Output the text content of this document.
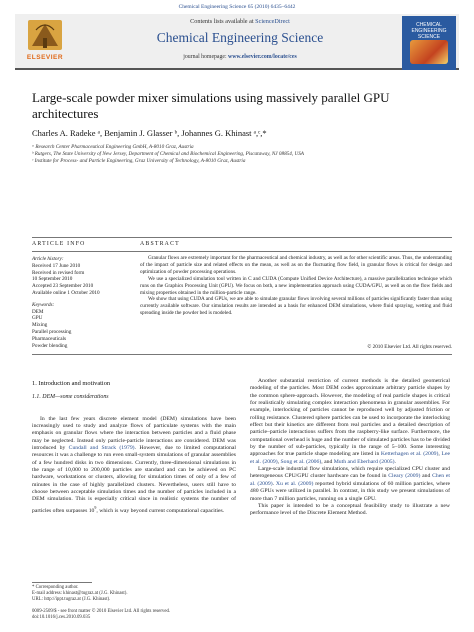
Chemical Engineering Science 65 (2010) 6435–6442
ELSEVIER
Contents lists available at ScienceDirect
Chemical Engineering Science
journal homepage: www.elsevier.com/locate/ces
CHEMICAL ENGINEERING SCIENCE
Large-scale powder mixer simulations using massively parallel GPU architectures
Charles A. Radeke ᵃ, Benjamin J. Glasser ᵇ, Johannes G. Khinast ᵃ,ᶜ,*
ᵃ Research Center Pharmaceutical Engineering GmbH, A-8010 Graz, Austria
ᵇ Rutgers, The State University of New Jersey, Department of Chemical and Biochemical Engineering, Piscataway, NJ 08854, USA
ᶜ Institute for Process- and Particle Engineering, Graz University of Technology, A-8010 Graz, Austria
ARTICLE INFO	ABSTRACT
Article history:
Received 17 June 2010
Received in revised form
10 September 2010
Accepted 23 September 2010
Available online 1 October 2010
Keywords:
DEM
GPU
Mixing
Parallel processing
Pharmaceuticals
Powder blending

Granular flows are extremely important for the pharmaceutical and chemical industry, as well as for other scientific areas. Thus, the understanding of the impact of particle size and related effects on the mean, as well as on the fluctuating flow field, in granular flows is critical for design and optimization of powder processing operations.

We use a specialized simulation tool written in C and CUDA (Compute Unified Device Architecture), a massive parallelization technique which runs on the Graphics Processing Unit (GPU). We focus on both, a new implementation approach using CUDA/GPU, as well as on the flow fields and mixing properties obtained in the million-particle range.

We show that using CUDA and GPUs, we are able to simulate granular flows involving several millions of particles significantly faster than using currently available software. Our simulation results are intended as a basis for enhanced DEM simulations, where fluid spraying, wetting and fluid spreading inside the powder bed is modeled.

© 2010 Elsevier Ltd. All rights reserved.
1. Introduction and motivation
1.1. DEM—some considerations

In the last few years discrete element model (DEM) simulations have been increasingly used to study and analyze flows of particulate systems with the main emphasis on granular flows where the interaction between particles and a fluid phase may be neglected. Instead only particle-particle interactions are considered. DEM was introduced by Cundall and Strack (1979). However, due to limited computational resources it was a challenge to run even small-system simulations of granular assemblies of a few hundred disks in two dimensions. Currently, three-dimensional simulations in the range of 10,000 to 200,000 particles are standard and can be achieved on PC hardware, workstations or clusters, allowing for simulation times of only of a few of minutes in the case of highly parallelized clusters. Nevertheless, users still have to choose between acceptable simulation times and the number of particles included in a DEM simulation. This is especially critical since in realistic systems the number of particles often surpasses $10^9$, which is way beyond current computational capacities.

Another substantial restriction of current methods is the detailed geometrical modeling of the particles. Most DEM codes approximate arbitrary particle shapes by the common sphere-approach. However, the modeling of real particle shapes is critical for realistically simulating complex interaction phenomena in granular assemblies. For example, interlocking of particles cannot be reproduced well by adjusted friction or rolling resistance. Clustered sphere particles can be used to incorporate the interlocking effect but their kinetics are different from real particles and a detailed description of particle–particle interactions suffers from the raspberry-like surface. Furthermore, the computational overhead is huge and the number of simulated particles has to be divided by the number of sub-particles, typically in the range of 5–100. Some interesting approaches for true particle shape modeling are listed in Ketterhagen et al. (2009), Lee et al. (2009), Song et al. (2006), and Muth and Eberhard (2005).

Large-scale industrial flow simulations, which require specialized CPU cluster and heterogeneous CPU/GPU cluster hardware can be found in Cleary (2009) and Chen et al. (2009). Xu et al. (2009) reported hybrid simulations of 60 million particles, where 480 GPUs were utilized in parallel. In contrast, in this study we present simulations of more than 7 million particles, running on a single GPU.

This paper is intended to be a conceptual feasibility study to illustrate a new performance level of the Discrete Element Method.

* Corresponding author.
E-mail address: khinast@tugraz.at (J.G. Khinast).
URL: http://ippt.tugraz.at (J.G. Khinast).
0009-2509/$ - see front matter © 2010 Elsevier Ltd. All rights reserved.
doi:10.1016/j.ces.2010.09.035
